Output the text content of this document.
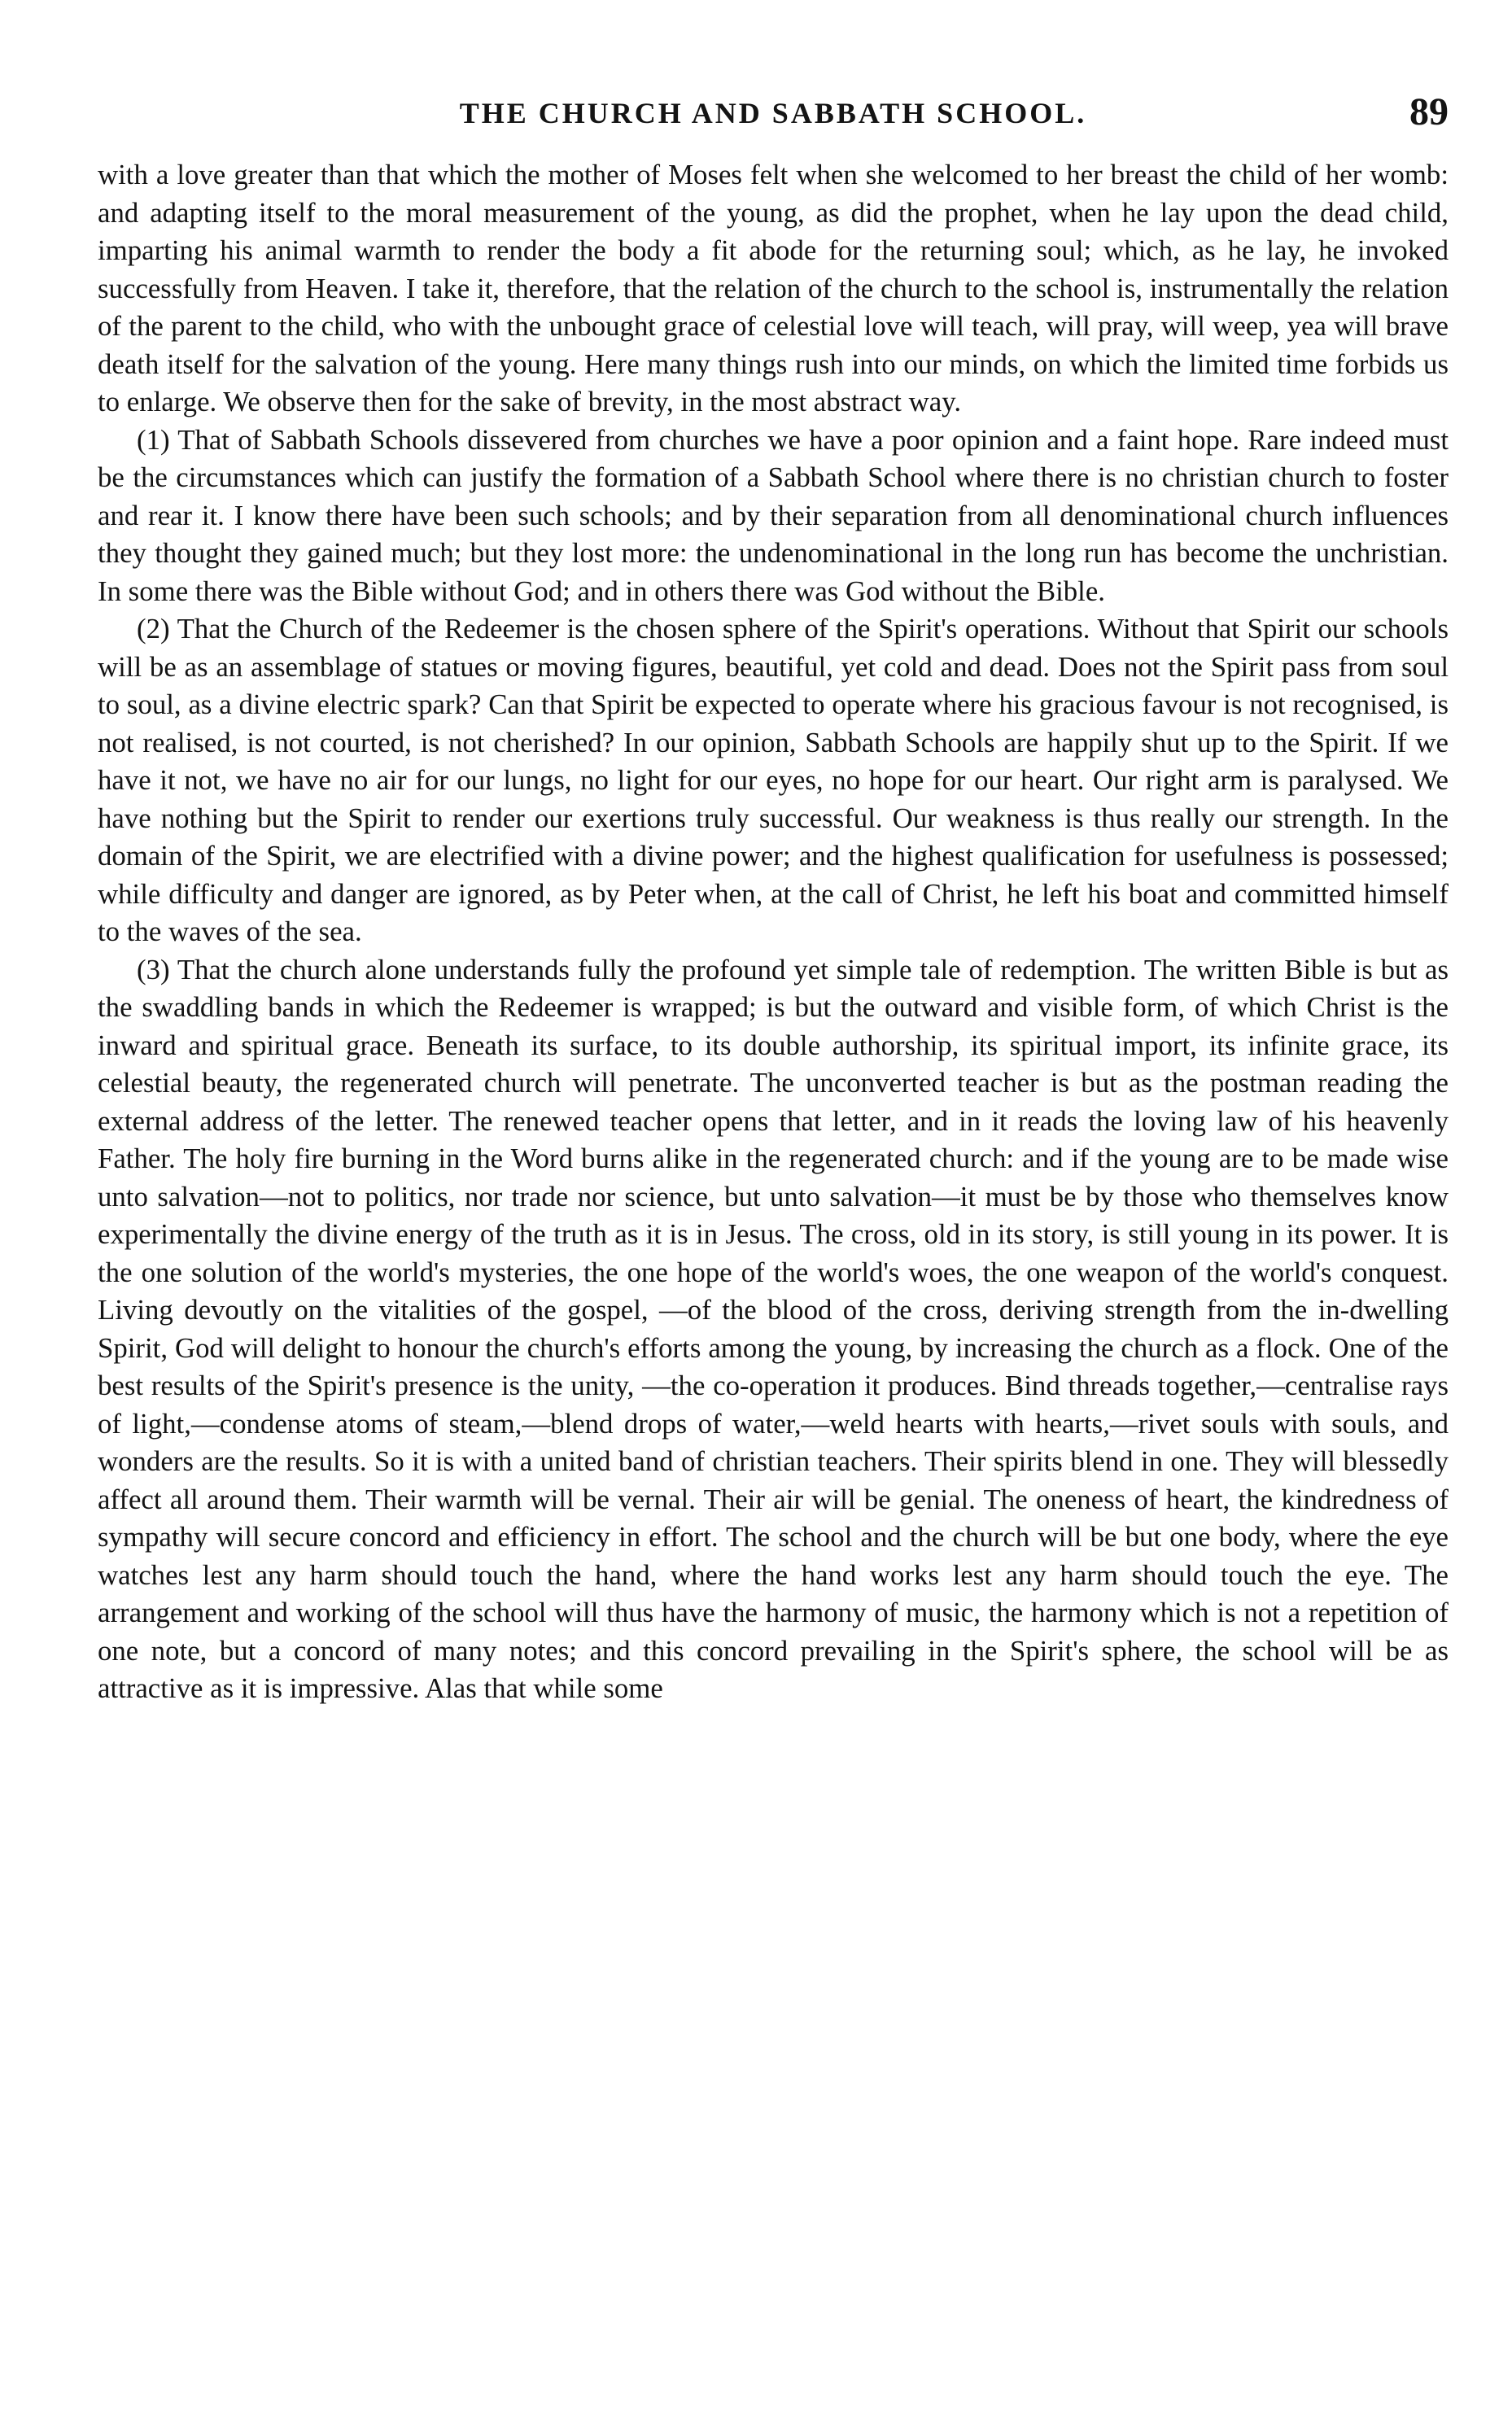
THE CHURCH AND SABBATH SCHOOL.	89

with a love greater than that which the mother of Moses felt when she welcomed to her breast the child of her womb: and adapting itself to the moral measurement of the young, as did the prophet, when he lay upon the dead child, imparting his animal warmth to render the body a fit abode for the returning soul; which, as he lay, he invoked successfully from Heaven. I take it, therefore, that the relation of the church to the school is, instrumentally the relation of the parent to the child, who with the unbought grace of celestial love will teach, will pray, will weep, yea will brave death itself for the salvation of the young. Here many things rush into our minds, on which the limited time forbids us to enlarge. We observe then for the sake of brevity, in the most abstract way.

(1) That of Sabbath Schools dissevered from churches we have a poor opinion and a faint hope. Rare indeed must be the circumstances which can justify the formation of a Sabbath School where there is no christian church to foster and rear it. I know there have been such schools; and by their separation from all denominational church influences they thought they gained much; but they lost more: the undenominational in the long run has become the unchristian. In some there was the Bible without God; and in others there was God without the Bible.

(2) That the Church of the Redeemer is the chosen sphere of the Spirit's operations. Without that Spirit our schools will be as an assemblage of statues or moving figures, beautiful, yet cold and dead. Does not the Spirit pass from soul to soul, as a divine electric spark? Can that Spirit be expected to operate where his gracious favour is not recognised, is not realised, is not courted, is not cherished? In our opinion, Sabbath Schools are happily shut up to the Spirit. If we have it not, we have no air for our lungs, no light for our eyes, no hope for our heart. Our right arm is paralysed. We have nothing but the Spirit to render our exertions truly successful. Our weakness is thus really our strength. In the domain of the Spirit, we are electrified with a divine power; and the highest qualification for usefulness is possessed; while difficulty and danger are ignored, as by Peter when, at the call of Christ, he left his boat and committed himself to the waves of the sea.

(3) That the church alone understands fully the profound yet simple tale of redemption. The written Bible is but as the swaddling bands in which the Redeemer is wrapped; is but the outward and visible form, of which Christ is the inward and spiritual grace. Beneath its surface, to its double authorship, its spiritual import, its infinite grace, its celestial beauty, the regenerated church will penetrate. The unconverted teacher is but as the postman reading the external address of the letter. The renewed teacher opens that letter, and in it reads the loving law of his heavenly Father. The holy fire burning in the Word burns alike in the regenerated church: and if the young are to be made wise unto salvation—not to politics, nor trade nor science, but unto salvation—it must be by those who themselves know experimentally the divine energy of the truth as it is in Jesus. The cross, old in its story, is still young in its power. It is the one solution of the world's mysteries, the one hope of the world's woes, the one weapon of the world's conquest. Living devoutly on the vitalities of the gospel, —of the blood of the cross, deriving strength from the in-dwelling Spirit, God will delight to honour the church's efforts among the young, by increasing the church as a flock. One of the best results of the Spirit's presence is the unity, —the co-operation it produces. Bind threads together,—centralise rays of light,—condense atoms of steam,—blend drops of water,—weld hearts with hearts,—rivet souls with souls, and wonders are the results. So it is with a united band of christian teachers. Their spirits blend in one. They will blessedly affect all around them. Their warmth will be vernal. Their air will be genial. The oneness of heart, the kindredness of sympathy will secure concord and efficiency in effort. The school and the church will be but one body, where the eye watches lest any harm should touch the hand, where the hand works lest any harm should touch the eye. The arrangement and working of the school will thus have the harmony of music, the harmony which is not a repetition of one note, but a concord of many notes; and this concord prevailing in the Spirit's sphere, the school will be as attractive as it is impressive. Alas that while some
